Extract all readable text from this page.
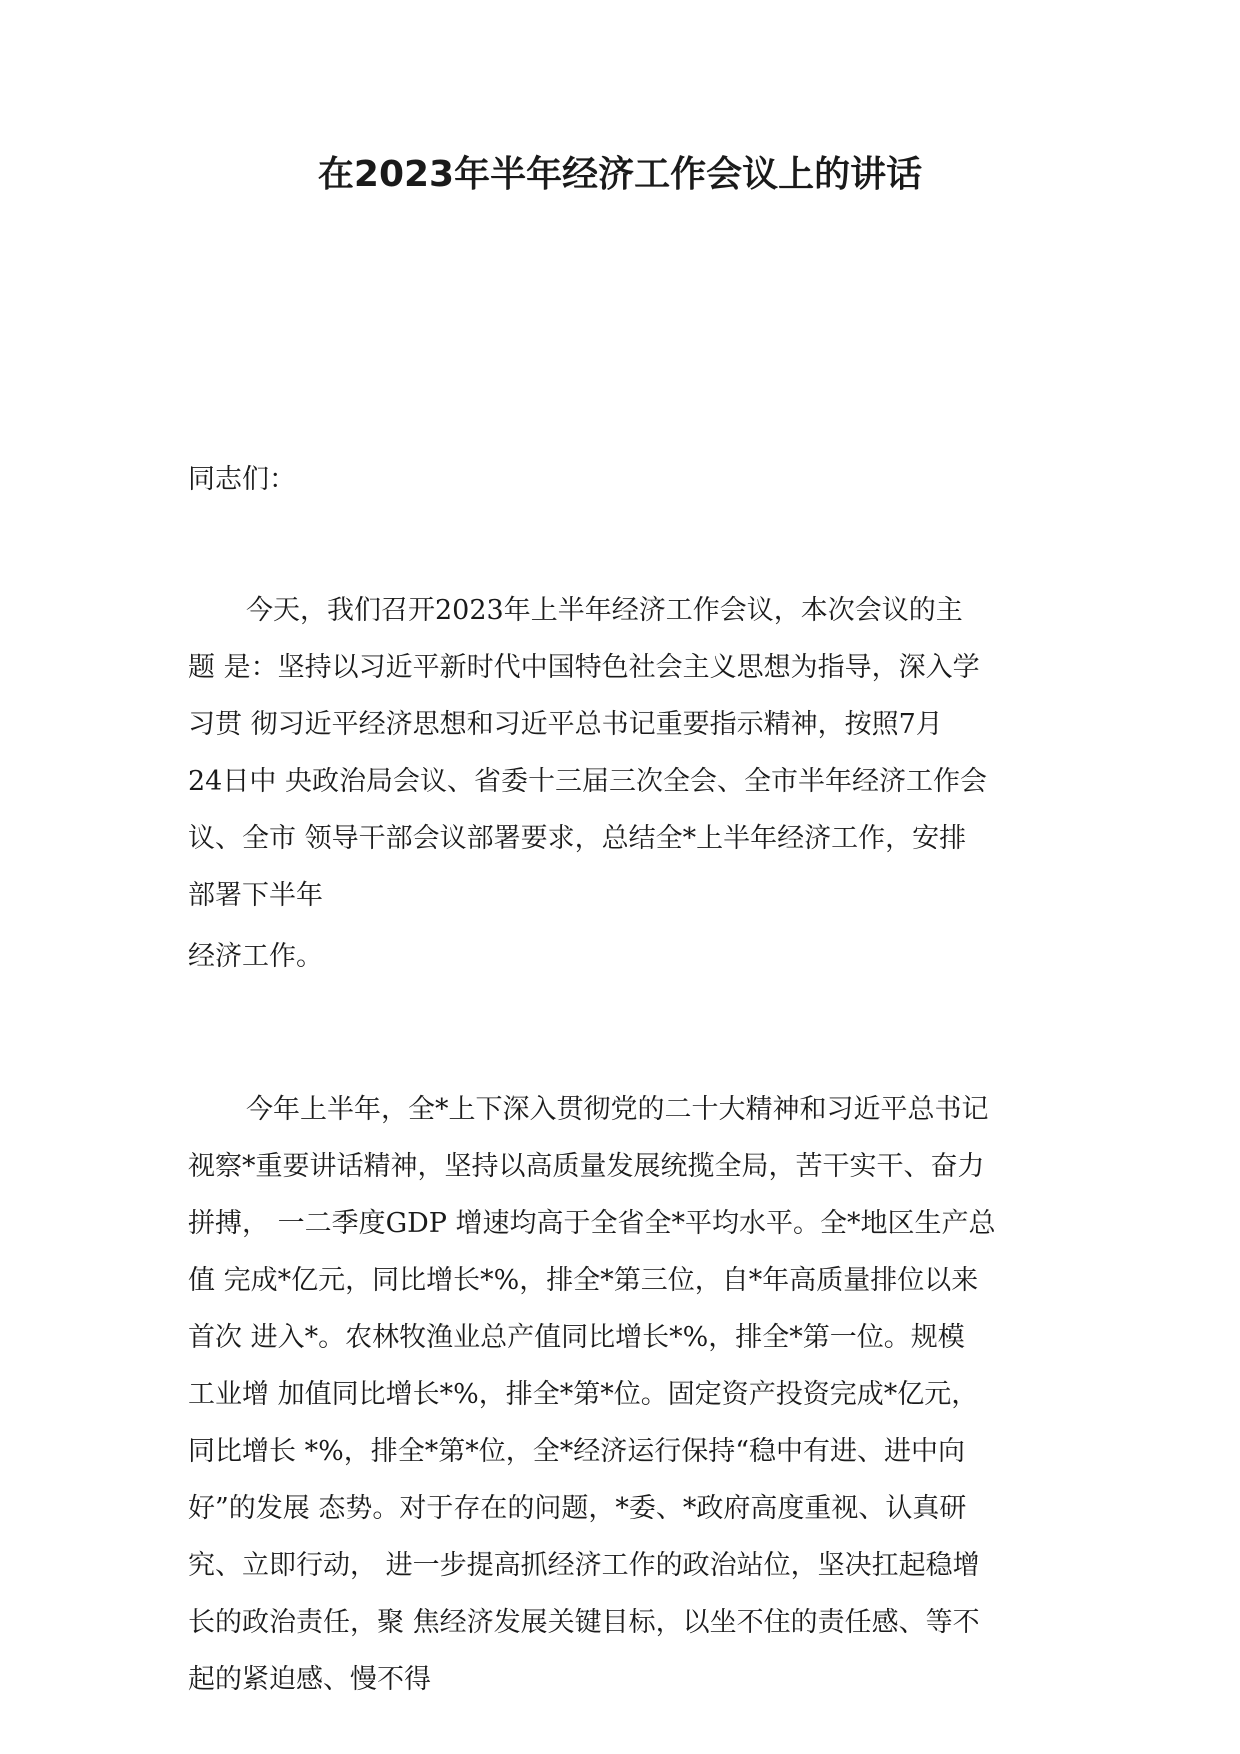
在2023年半年经济工作会议上的讲话

同志们：

今天，我们召开2023年上半年经济工作会议，本次会议的主
题 是：坚持以习近平新时代中国特色社会主义思想为指导，深入学
习贯 彻习近平经济思想和习近平总书记重要指示精神，按照7月
24日中 央政治局会议、省委十三届三次全会、全市半年经济工作会
议、全市 领导干部会议部署要求，总结全*上半年经济工作，安排
部署下半年
经济工作。
今年上半年，全*上下深入贯彻党的二十大精神和习近平总书记
视察*重要讲话精神，坚持以高质量发展统揽全局，苦干实干、奋力
拼搏， 一二季度GDP 增速均高于全省全*平均水平。全*地区生产总
值 完成*亿元，同比增长*%，排全*第三位，自*年高质量排位以来
首次 进入*。农林牧渔业总产值同比增长*%，排全*第一位。规模
工业增 加值同比增长*%，排全*第*位。固定资产投资完成*亿元，
同比增长 *%，排全*第*位，全*经济运行保持“稳中有进、进中向
好”的发展 态势。对于存在的问题，*委、*政府高度重视、认真研
究、立即行动， 进一步提高抓经济工作的政治站位，坚决扛起稳增
长的政治责任，聚 焦经济发展关键目标，以坐不住的责任感、等不
起的紧迫感、慢不得
